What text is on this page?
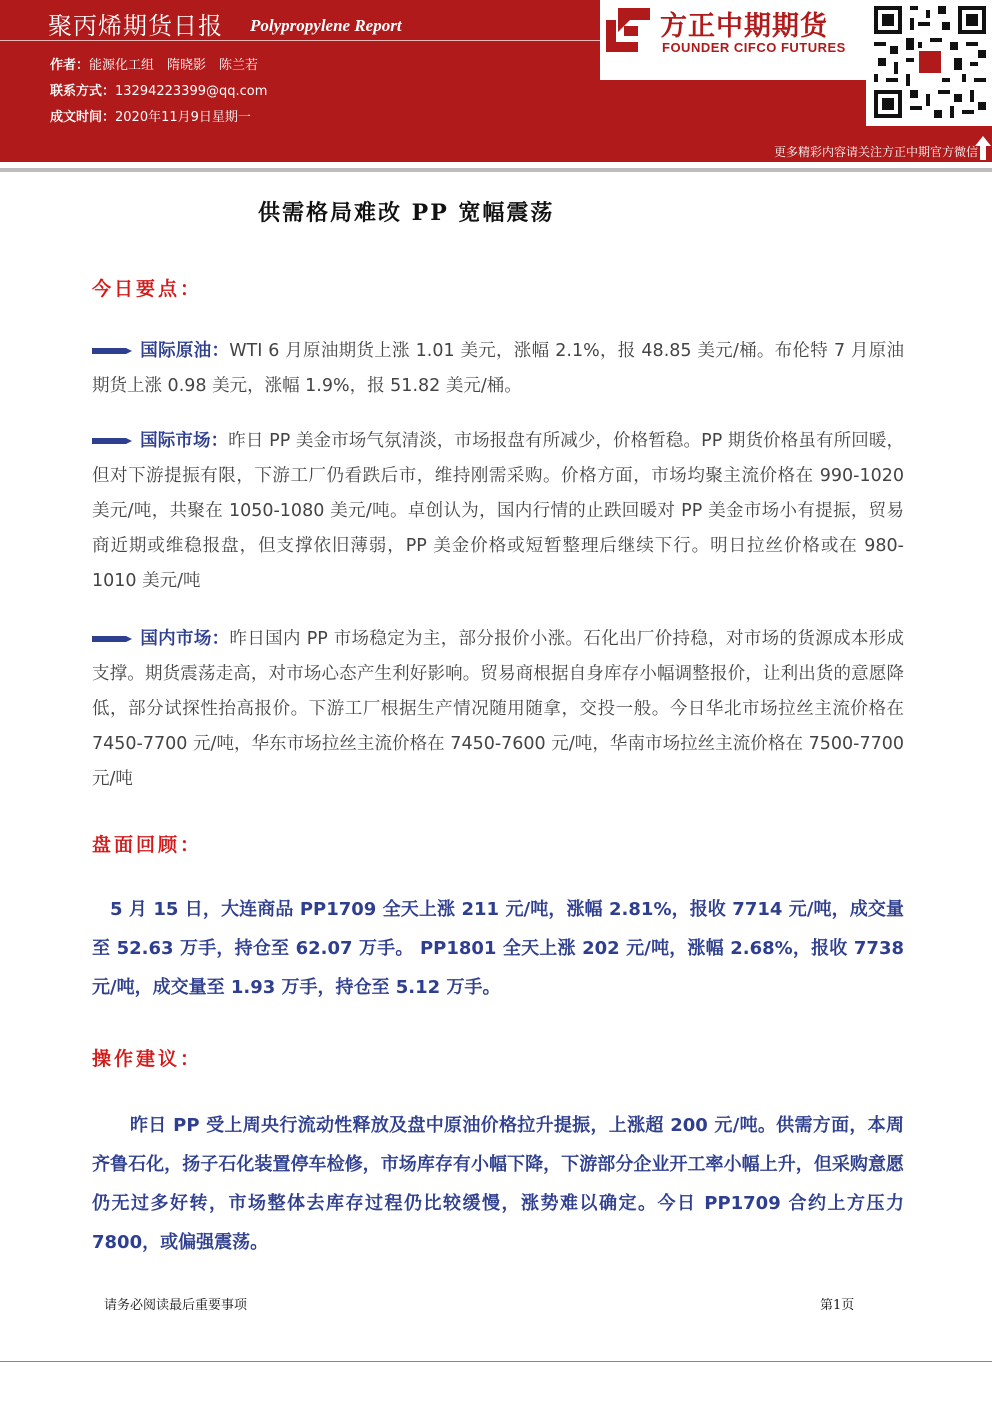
聚丙烯期货日报 Polypropylene Report
作者：能源化工组　隋晓影　陈兰若
联系方式：13294223399@qq.com
成文时间：2020年11月9日星期一
方正中期期货
FOUNDER CIFCO FUTURES
更多精彩内容请关注方正中期官方微信
供需格局难改 PP 宽幅震荡
今日要点：
国际原油：WTI 6 月原油期货上涨 1.01 美元，涨幅 2.1%，报 48.85 美元/桶。布伦特 7 月原油期货上涨 0.98 美元，涨幅 1.9%，报 51.82 美元/桶。
国际市场：昨日 PP 美金市场气氛清淡，市场报盘有所减少，价格暂稳。PP 期货价格虽有所回暖，但对下游提振有限，下游工厂仍看跌后市，维持刚需采购。价格方面，市场均聚主流价格在 990-1020 美元/吨，共聚在 1050-1080 美元/吨。卓创认为，国内行情的止跌回暖对 PP 美金市场小有提振，贸易商近期或维稳报盘，但支撑依旧薄弱，PP 美金价格或短暂整理后继续下行。明日拉丝价格或在 980-1010 美元/吨
国内市场：昨日国内 PP 市场稳定为主，部分报价小涨。石化出厂价持稳，对市场的货源成本形成支撑。期货震荡走高，对市场心态产生利好影响。贸易商根据自身库存小幅调整报价，让利出货的意愿降低，部分试探性抬高报价。下游工厂根据生产情况随用随拿，交投一般。今日华北市场拉丝主流价格在 7450-7700 元/吨，华东市场拉丝主流价格在 7450-7600 元/吨，华南市场拉丝主流价格在 7500-7700 元/吨
盘面回顾：
5 月 15 日，大连商品 PP1709 全天上涨 211 元/吨，涨幅 2.81%，报收 7714 元/吨，成交量至 52.63 万手，持仓至 62.07 万手。 PP1801 全天上涨 202 元/吨，涨幅 2.68%，报收 7738 元/吨，成交量至 1.93 万手，持仓至 5.12 万手。
操作建议：
昨日 PP 受上周央行流动性释放及盘中原油价格拉升提振，上涨超 200 元/吨。供需方面，本周齐鲁石化，扬子石化装置停车检修，市场库存有小幅下降，下游部分企业开工率小幅上升，但采购意愿仍无过多好转，市场整体去库存过程仍比较缓慢，涨势难以确定。今日 PP1709 合约上方压力 7800，或偏强震荡。
请务必阅读最后重要事项	第1页
